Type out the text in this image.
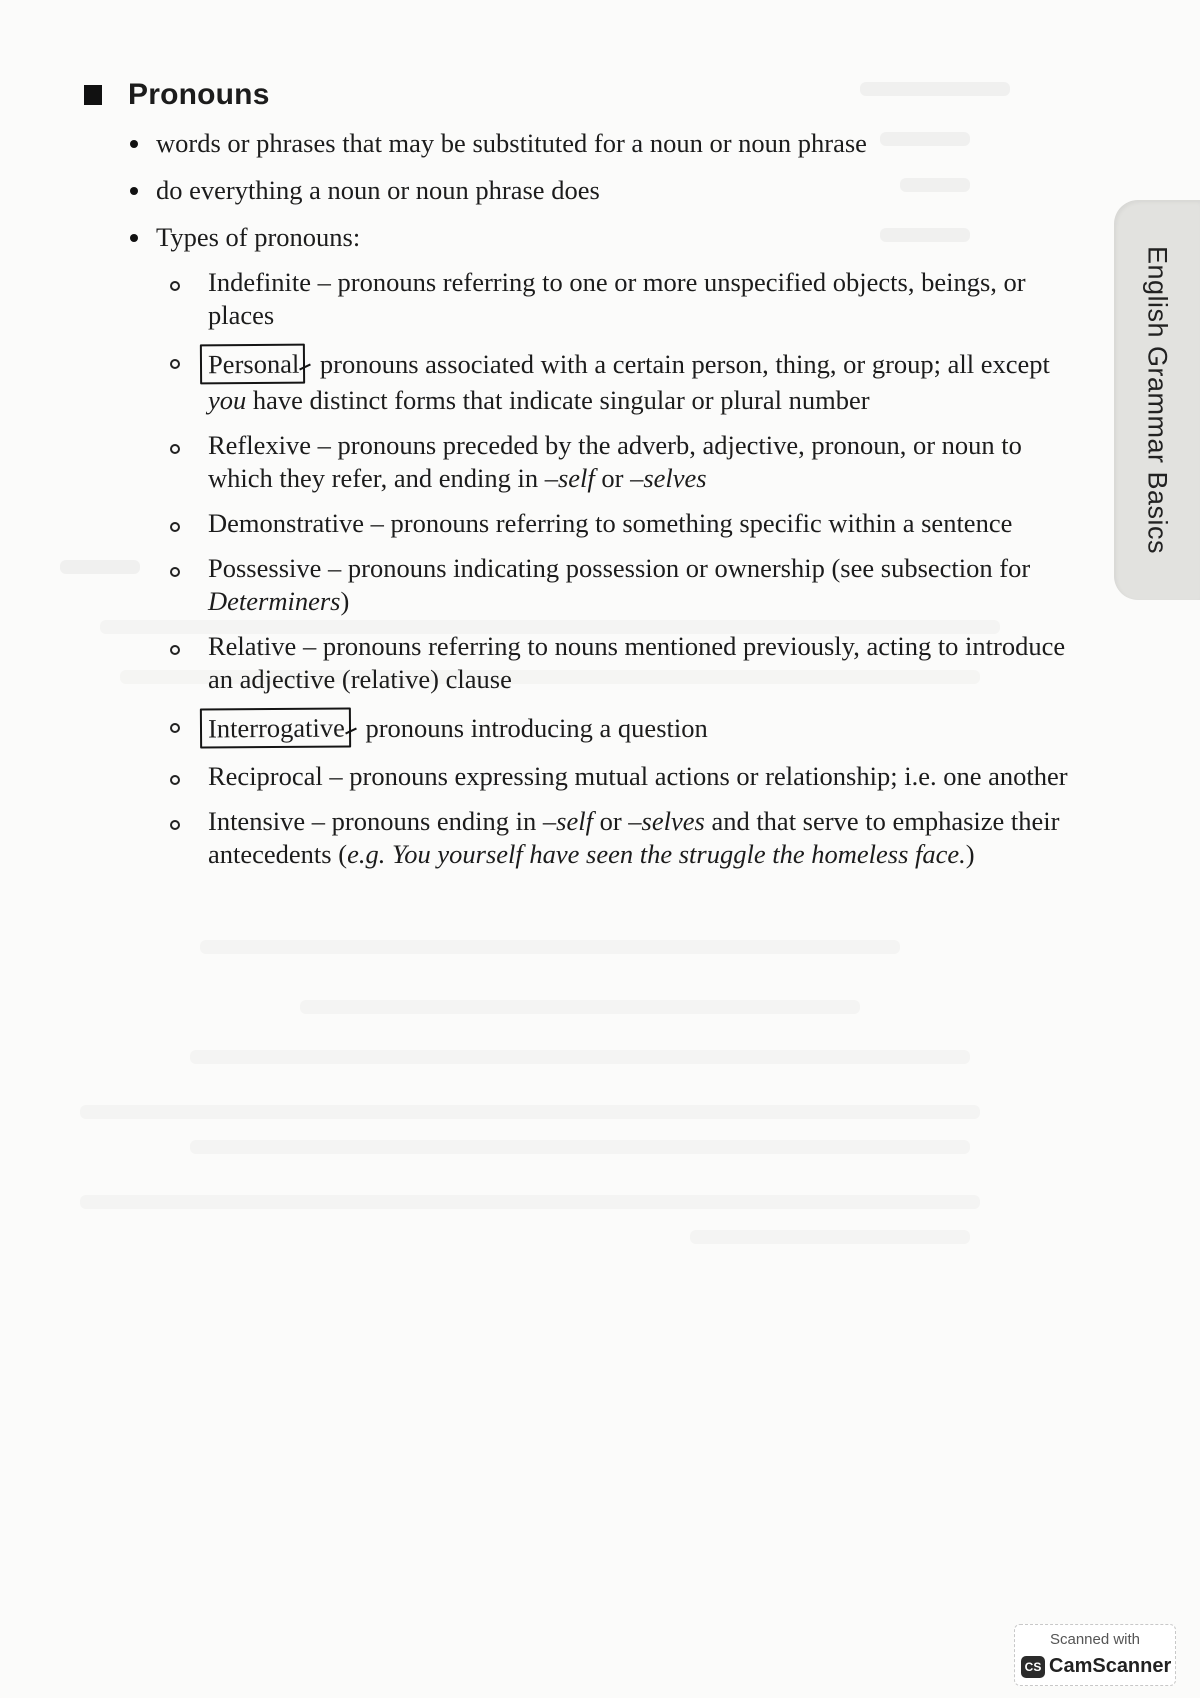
Pronouns
words or phrases that may be substituted for a noun or noun phrase
do everything a noun or noun phrase does
Types of pronouns:
Indefinite – pronouns referring to one or more unspecified objects, beings, or places
Personal pronouns associated with a certain person, thing, or group; all except you have distinct forms that indicate singular or plural number
Reflexive – pronouns preceded by the adverb, adjective, pronoun, or noun to which they refer, and ending in –self or –selves
Demonstrative – pronouns referring to something specific within a sentence
Possessive – pronouns indicating possession or ownership (see subsection for Determiners)
Relative – pronouns referring to nouns mentioned previously, acting to introduce an adjective (relative) clause
Interrogative pronouns introducing a question
Reciprocal – pronouns expressing mutual actions or relationship; i.e. one another
Intensive – pronouns ending in –self or –selves and that serve to emphasize their antecedents (e.g. You yourself have seen the struggle the homeless face.)
English Grammar Basics
Scanned with
CS CamScanner
